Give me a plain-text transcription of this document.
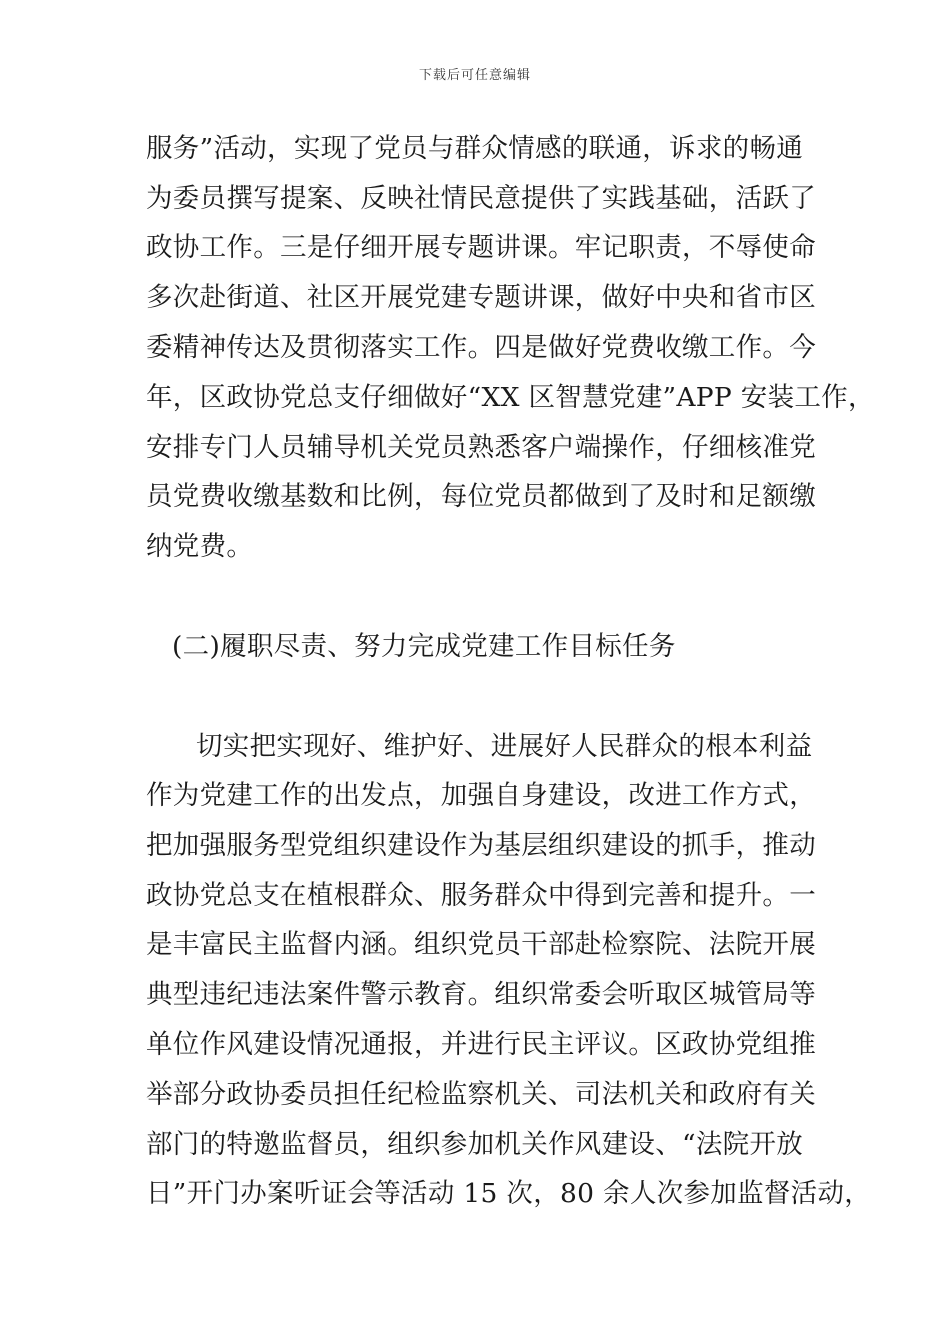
下载后可任意编辑
服务”活动，实现了党员与群众情感的联通，诉求的畅通
为委员撰写提案、反映社情民意提供了实践基础，活跃了
政协工作。三是仔细开展专题讲课。牢记职责，不辱使命
多次赴街道、社区开展党建专题讲课，做好中央和省市区
委精神传达及贯彻落实工作。四是做好党费收缴工作。今
年，区政协党总支仔细做好“XX 区智慧党建”APP 安装工作，
安排专门人员辅导机关党员熟悉客户端操作，仔细核准党
员党费收缴基数和比例，每位党员都做到了及时和足额缴
纳党费。
(二)履职尽责、努力完成党建工作目标任务
切实把实现好、维护好、进展好人民群众的根本利益
作为党建工作的出发点，加强自身建设，改进工作方式，
把加强服务型党组织建设作为基层组织建设的抓手，推动
政协党总支在植根群众、服务群众中得到完善和提升。一
是丰富民主监督内涵。组织党员干部赴检察院、法院开展
典型违纪违法案件警示教育。组织常委会听取区城管局等
单位作风建设情况通报，并进行民主评议。区政协党组推
举部分政协委员担任纪检监察机关、司法机关和政府有关
部门的特邀监督员，组织参加机关作风建设、“法院开放
日”开门办案听证会等活动 15 次，80 余人次参加监督活动，
